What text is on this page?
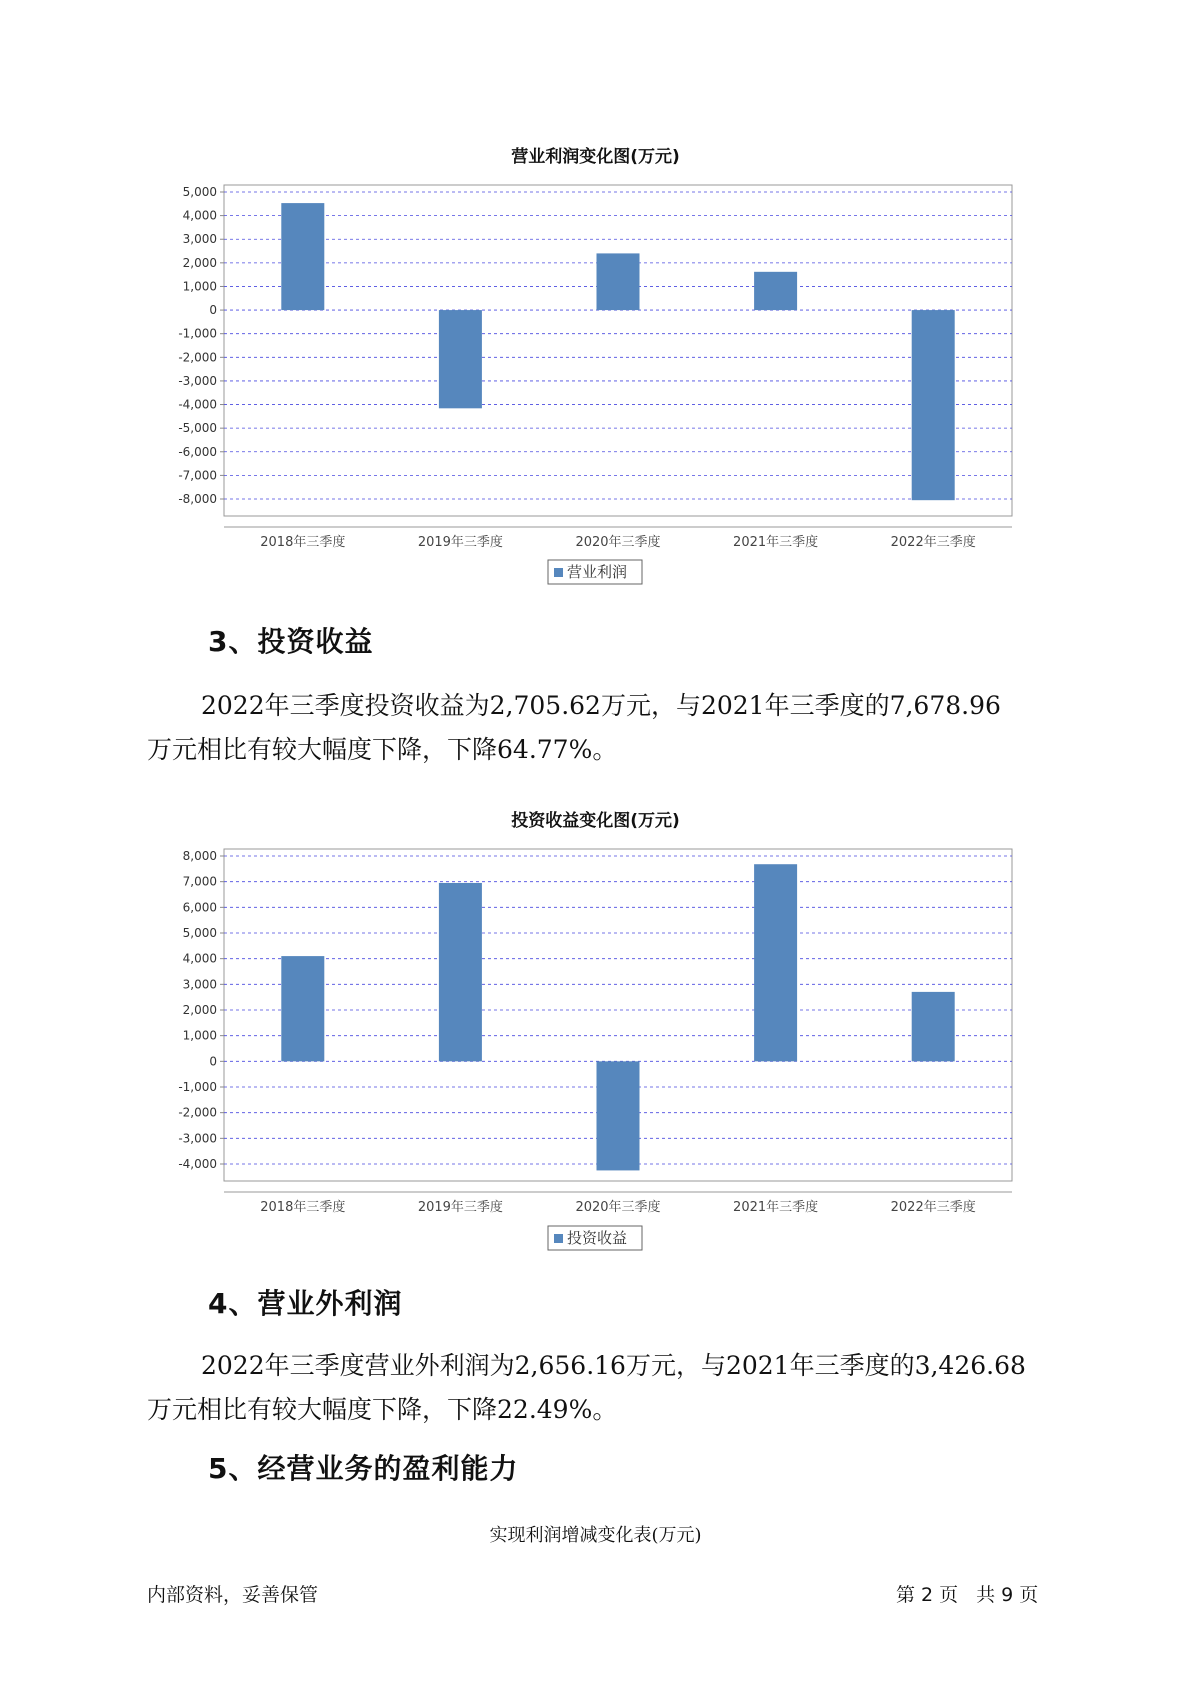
营业利润变化图(万元)
5,000
4,000
3,000
2,000
1,000
0
-1,000
-2,000
-3,000
-4,000
-5,000
-6,000
-7,000
-8,000
2018年三季度	2019年三季度	2020年三季度	2021年三季度	2022年三季度
营业利润
3、投资收益
2022年三季度投资收益为2,705.62万元，与2021年三季度的7,678.96
万元相比有较大幅度下降，下降64.77%。
投资收益变化图(万元)
8,000
7,000
6,000
5,000
4,000
3,000
2,000
1,000
0
-1,000
-2,000
-3,000
-4,000
2018年三季度	2019年三季度	2020年三季度	2021年三季度	2022年三季度
投资收益
4、营业外利润
2022年三季度营业外利润为2,656.16万元，与2021年三季度的3,426.68
万元相比有较大幅度下降，下降22.49%。
5、经营业务的盈利能力
实现利润增减变化表(万元)
内部资料，妥善保管	第 2 页 共 9 页
